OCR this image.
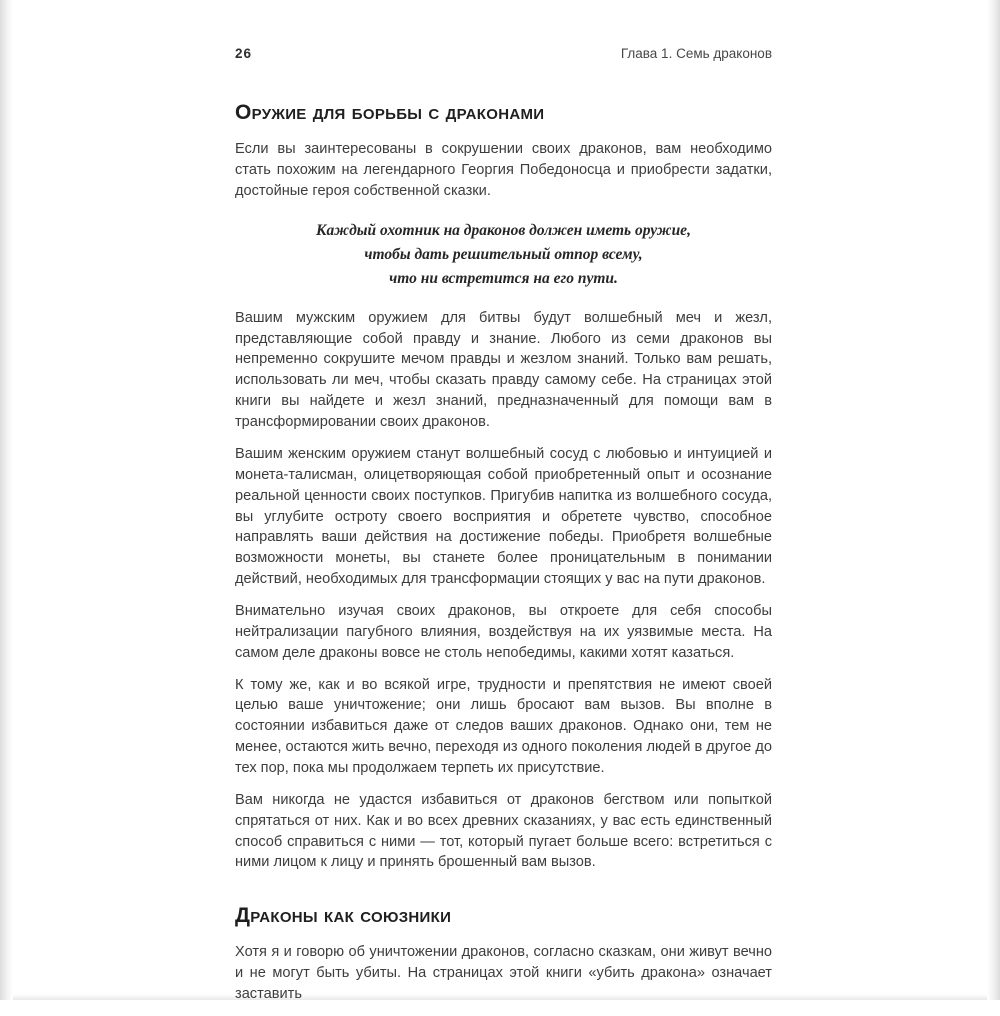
26	Глава 1. Семь драконов
Оружие для борьбы с драконами

Если вы заинтересованы в сокрушении своих драконов, вам необходимо стать похожим на легендарного Георгия Победоносца и приобрести задатки, достойные героя собственной сказки.

Каждый охотник на драконов должен иметь оружие,
чтобы дать решительный отпор всему,
что ни встретится на его пути.

Вашим мужским оружием для битвы будут волшебный меч и жезл, представляющие собой правду и знание. Любого из семи драконов вы непременно сокрушите мечом правды и жезлом знаний. Только вам решать, использовать ли меч, чтобы сказать правду самому себе. На страницах этой книги вы найдете и жезл знаний, предназначенный для помощи вам в трансформировании своих драконов.

Вашим женским оружием станут волшебный сосуд с любовью и интуицией и монета-талисман, олицетворяющая собой приобретенный опыт и осознание реальной ценности своих поступков. Пригубив напитка из волшебного сосуда, вы углубите остроту своего восприятия и обретете чувство, способное направлять ваши действия на достижение победы. Приобретя волшебные возможности монеты, вы станете более проницательным в понимании действий, необходимых для трансформации стоящих у вас на пути драконов.

Внимательно изучая своих драконов, вы откроете для себя способы нейтрализации пагубного влияния, воздействуя на их уязвимые места. На самом деле драконы вовсе не столь непобедимы, какими хотят казаться.

К тому же, как и во всякой игре, трудности и препятствия не имеют своей целью ваше уничтожение; они лишь бросают вам вызов. Вы вполне в состоянии избавиться даже от следов ваших драконов. Однако они, тем не менее, остаются жить вечно, переходя из одного поколения людей в другое до тех пор, пока мы продолжаем терпеть их присутствие.

Вам никогда не удастся избавиться от драконов бегством или попыткой спрятаться от них. Как и во всех древних сказаниях, у вас есть единственный способ справиться с ними — тот, который пугает больше всего: встретиться с ними лицом к лицу и принять брошенный вам вызов.

Драконы как союзники

Хотя я и говорю об уничтожении драконов, согласно сказкам, они живут вечно и не могут быть убиты. На страницах этой книги «убить дракона» означает заставить
